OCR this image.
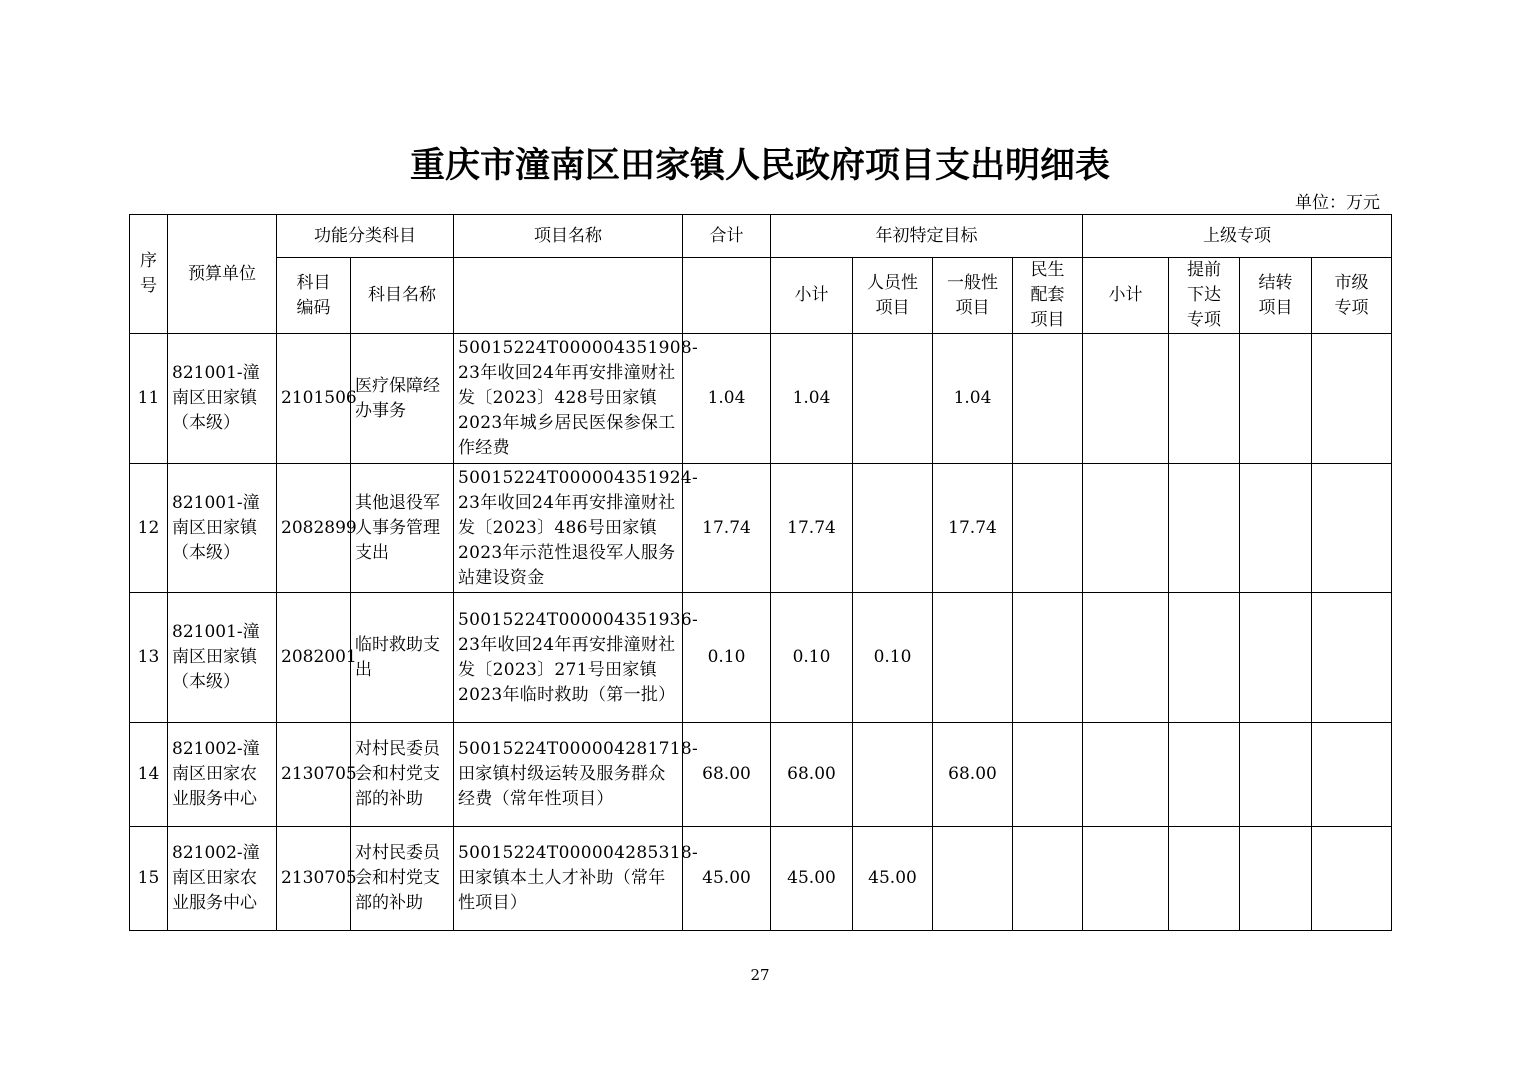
重庆市潼南区田家镇人民政府项目支出明细表
单位：万元
序号	预算单位	功能分类科目		项目名称	合计	年初特定目标				上级专项			
		科目编码	科目名称			小计	人员性项目	一般性项目	民生配套项目	小计	提前下达专项	结转项目	市级专项
11	821001-潼南区田家镇（本级）	2101506	医疗保障经办事务	50015224T000004351908-23年收回24年再安排潼财社发〔2023〕428号田家镇2023年城乡居民医保参保工作经费	1.04	1.04		1.04					
12	821001-潼南区田家镇（本级）	2082899	其他退役军人事务管理支出	50015224T000004351924-23年收回24年再安排潼财社发〔2023〕486号田家镇2023年示范性退役军人服务站建设资金	17.74	17.74		17.74					
13	821001-潼南区田家镇（本级）	2082001	临时救助支出	50015224T000004351936-23年收回24年再安排潼财社发〔2023〕271号田家镇2023年临时救助（第一批）	0.10	0.10	0.10						
14	821002-潼南区田家农业服务中心	2130705	对村民委员会和村党支部的补助	50015224T000004281718-田家镇村级运转及服务群众经费（常年性项目）	68.00	68.00		68.00					
15	821002-潼南区田家农业服务中心	2130705	对村民委员会和村党支部的补助	50015224T000004285318-田家镇本土人才补助（常年性项目）	45.00	45.00	45.00						
27
